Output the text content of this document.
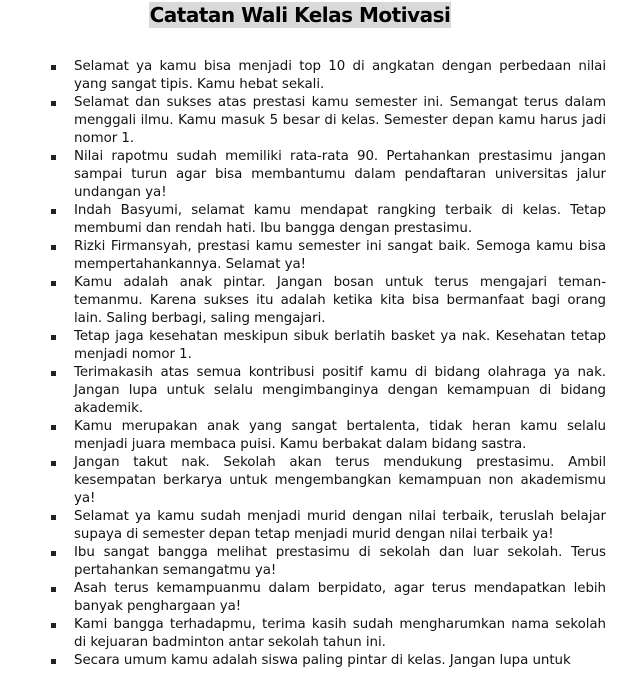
Catatan Wali Kelas Motivasi
Selamat ya kamu bisa menjadi top 10 di angkatan dengan perbedaan nilai yang sangat tipis. Kamu hebat sekali.
Selamat dan sukses atas prestasi kamu semester ini. Semangat terus dalam menggali ilmu. Kamu masuk 5 besar di kelas. Semester depan kamu harus jadi nomor 1.
Nilai rapotmu sudah memiliki rata-rata 90. Pertahankan prestasimu jangan sampai turun agar bisa membantumu dalam pendaftaran universitas jalur undangan ya!
Indah Basyumi, selamat kamu mendapat rangking terbaik di kelas. Tetap membumi dan rendah hati. Ibu bangga dengan prestasimu.
Rizki Firmansyah, prestasi kamu semester ini sangat baik. Semoga kamu bisa mempertahankannya. Selamat ya!
Kamu adalah anak pintar. Jangan bosan untuk terus mengajari teman-temanmu. Karena sukses itu adalah ketika kita bisa bermanfaat bagi orang lain. Saling berbagi, saling mengajari.
Tetap jaga kesehatan meskipun sibuk berlatih basket ya nak. Kesehatan tetap menjadi nomor 1.
Terimakasih atas semua kontribusi positif kamu di bidang olahraga ya nak. Jangan lupa untuk selalu mengimbanginya dengan kemampuan di bidang akademik.
Kamu merupakan anak yang sangat bertalenta, tidak heran kamu selalu menjadi juara membaca puisi. Kamu berbakat dalam bidang sastra.
Jangan takut nak. Sekolah akan terus mendukung prestasimu. Ambil kesempatan berkarya untuk mengembangkan kemampuan non akademismu ya!
Selamat ya kamu sudah menjadi murid dengan nilai terbaik, teruslah belajar supaya di semester depan tetap menjadi murid dengan nilai terbaik ya!
Ibu sangat bangga melihat prestasimu di sekolah dan luar sekolah. Terus pertahankan semangatmu ya!
Asah terus kemampuanmu dalam berpidato, agar terus mendapatkan lebih banyak penghargaan ya!
Kami bangga terhadapmu, terima kasih sudah mengharumkan nama sekolah di kejuaran badminton antar sekolah tahun ini.
Secara umum kamu adalah siswa paling pintar di kelas. Jangan lupa untuk
